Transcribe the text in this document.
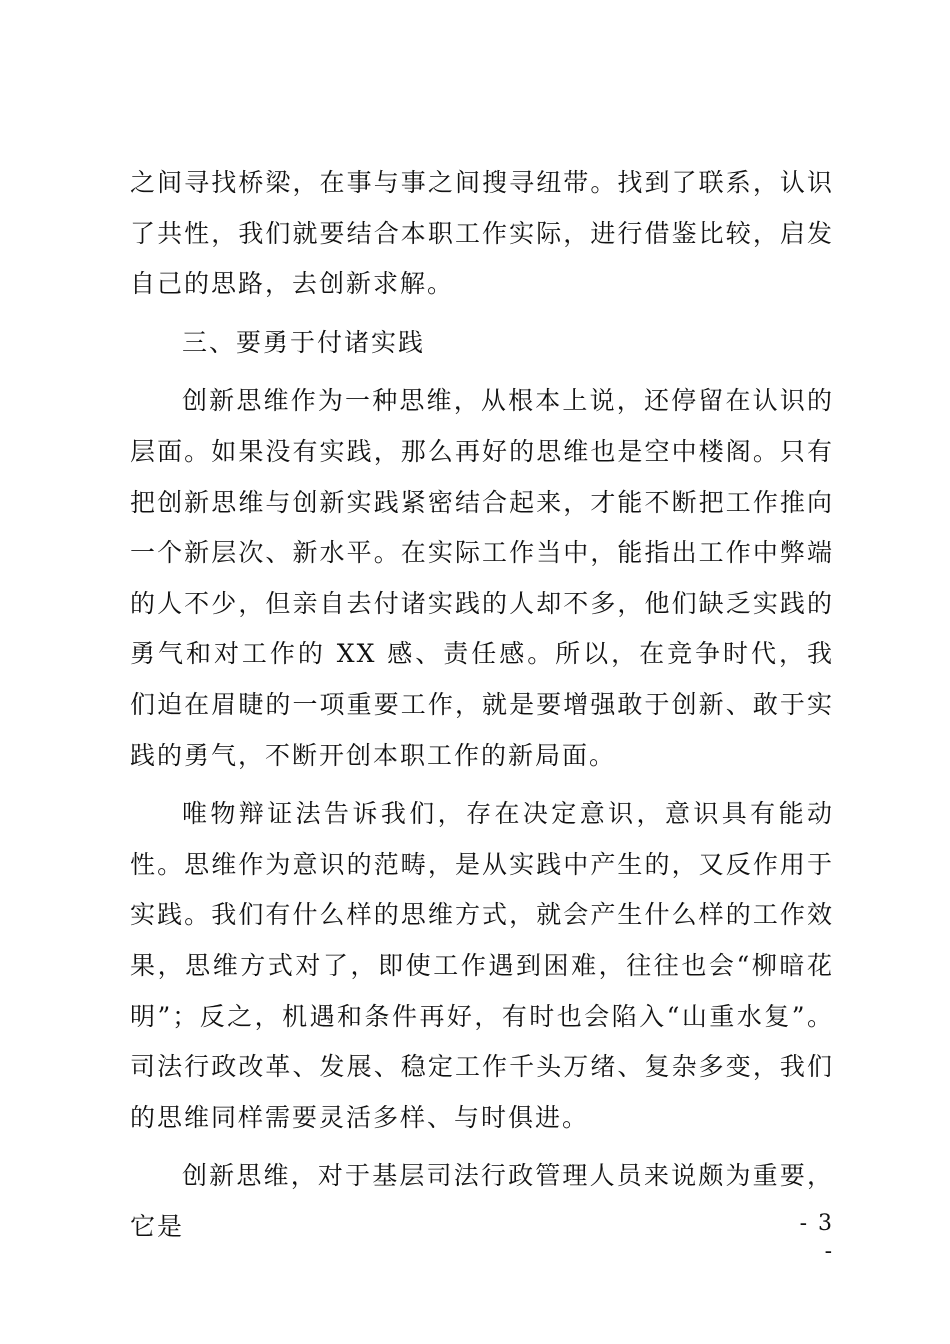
之间寻找桥梁，在事与事之间搜寻纽带。找到了联系，认识了共性，我们就要结合本职工作实际，进行借鉴比较，启发自己的思路，去创新求解。

三、要勇于付诸实践

创新思维作为一种思维，从根本上说，还停留在认识的层面。如果没有实践，那么再好的思维也是空中楼阁。只有把创新思维与创新实践紧密结合起来，才能不断把工作推向一个新层次、新水平。在实际工作当中，能指出工作中弊端的人不少，但亲自去付诸实践的人却不多，他们缺乏实践的勇气和对工作的 XX 感、责任感。所以，在竞争时代，我们迫在眉睫的一项重要工作，就是要增强敢于创新、敢于实践的勇气，不断开创本职工作的新局面。

唯物辩证法告诉我们，存在决定意识，意识具有能动性。思维作为意识的范畴，是从实践中产生的，又反作用于实践。我们有什么样的思维方式，就会产生什么样的工作效果，思维方式对了，即使工作遇到困难，往往也会“柳暗花明”；反之，机遇和条件再好，有时也会陷入“山重水复”。司法行政改革、发展、稳定工作千头万绪、复杂多变，我们的思维同样需要灵活多样、与时俱进。

创新思维，对于基层司法行政管理人员来说颇为重要，它是	- 3 -
